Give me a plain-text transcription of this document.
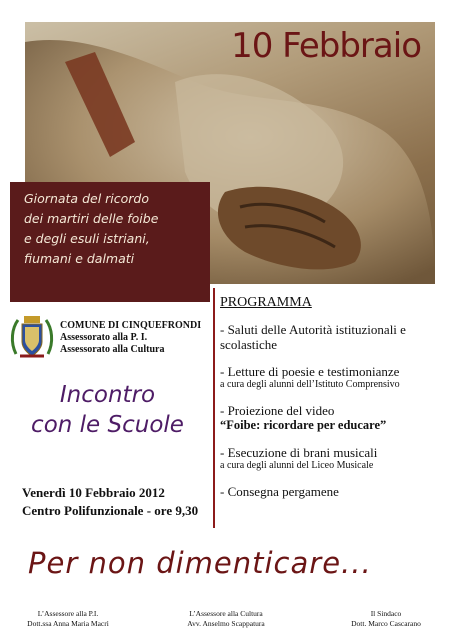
10 Febbraio
Giornata del ricordo
dei martiri delle foibe
e degli esuli istriani,
fiumani e dalmati
COMUNE DI CINQUEFRONDI
Assessorato alla P. I.
Assessorato alla Cultura
Incontro
con le Scuole
Venerdì 10 Febbraio 2012
Centro Polifunzionale - ore 9,30
PROGRAMMA
- Saluti delle Autorità istituzionali e scolastiche
- Letture di poesie e testimonianze
a cura degli alunni dell’Istituto Comprensivo
- Proiezione del video
“Foibe: ricordare per educare”
- Esecuzione di brani musicali
a cura degli alunni del Liceo Musicale
- Consegna pergamene
Per non dimenticare...
L’Assessore alla P.I.
Dott.ssa Anna Maria Macrì
L’Assessore alla Cultura
Avv. Anselmo Scappatura
Il Sindaco
Dott. Marco Cascarano
